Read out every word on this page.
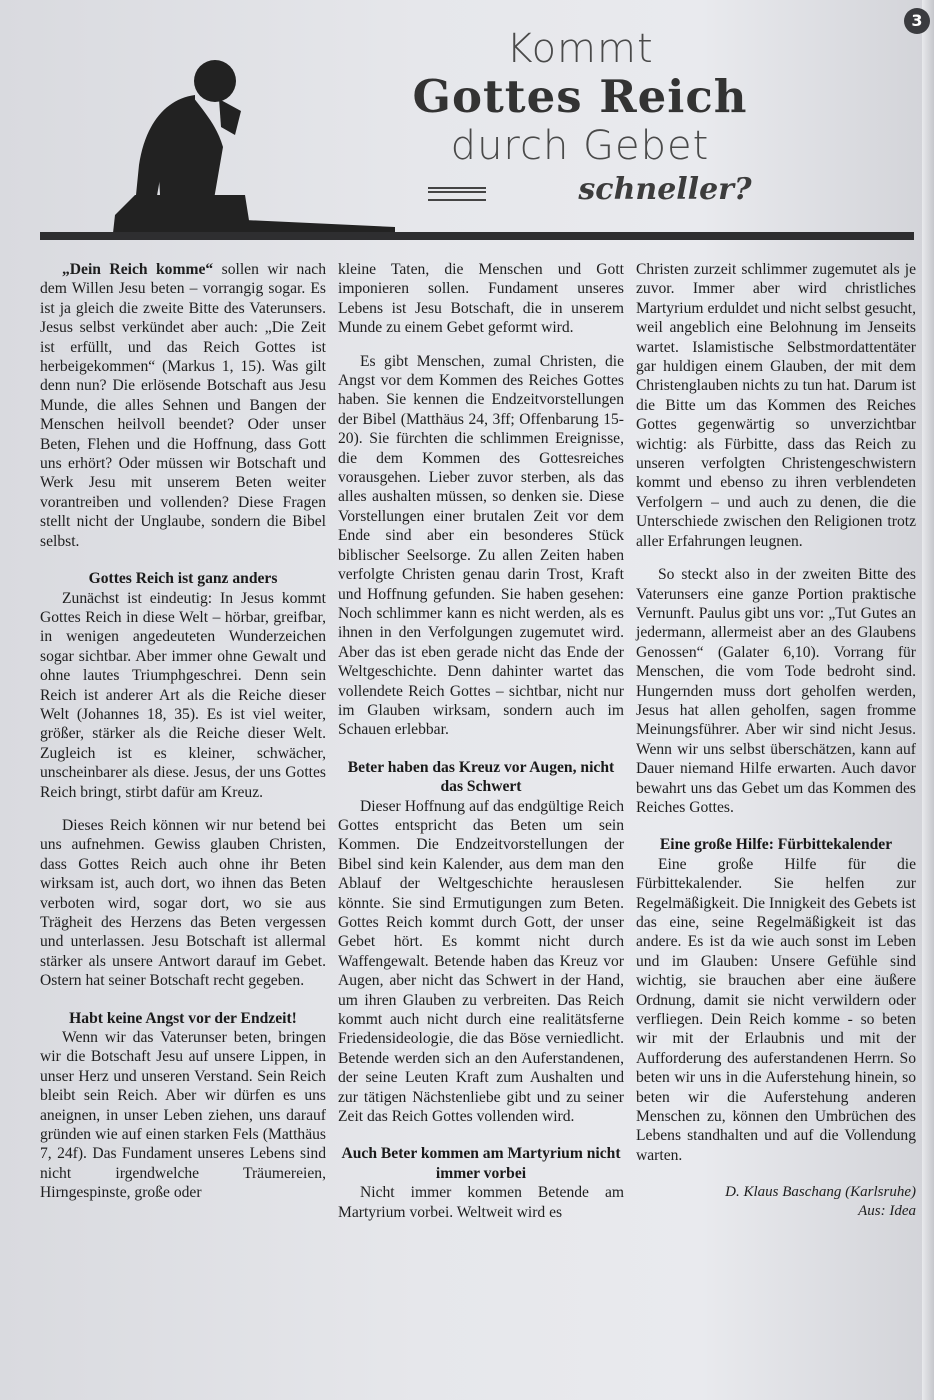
3
Kommt
Gottes Reich
durch Gebet
schneller?

„Dein Reich komme“ sollen wir nach dem Willen Jesu beten – vorrangig sogar. Es ist ja gleich die zweite Bitte des Vaterunsers. Jesus selbst verkündet aber auch: „Die Zeit ist erfüllt, und das Reich Gottes ist herbeigekommen“ (Markus 1, 15). Was gilt denn nun? Die erlösende Botschaft aus Jesu Munde, die alles Sehnen und Bangen der Menschen heilvoll beendet? Oder unser Beten, Flehen und die Hoffnung, dass Gott uns erhört? Oder müssen wir Botschaft und Werk Jesu mit unserem Beten weiter vorantreiben und vollenden? Diese Fragen stellt nicht der Unglaube, sondern die Bibel selbst.

Gottes Reich ist ganz anders

Zunächst ist eindeutig: In Jesus kommt Gottes Reich in diese Welt – hörbar, greifbar, in wenigen angedeuteten Wunderzeichen sogar sichtbar. Aber immer ohne Gewalt und ohne lautes Triumphgeschrei. Denn sein Reich ist anderer Art als die Reiche dieser Welt (Johannes 18, 35). Es ist viel weiter, größer, stärker als die Reiche dieser Welt. Zugleich ist es kleiner, schwächer, unscheinbarer als diese. Jesus, der uns Gottes Reich bringt, stirbt dafür am Kreuz.

Dieses Reich können wir nur betend bei uns aufnehmen. Gewiss glauben Christen, dass Gottes Reich auch ohne ihr Beten wirksam ist, auch dort, wo ihnen das Beten verboten wird, sogar dort, wo sie aus Trägheit des Herzens das Beten vergessen und unterlassen. Jesu Botschaft ist allermal stärker als unsere Antwort darauf im Gebet. Ostern hat seiner Botschaft recht gegeben.

Habt keine Angst vor der Endzeit!

Wenn wir das Vaterunser beten, bringen wir die Botschaft Jesu auf unsere Lippen, in unser Herz und unseren Verstand. Sein Reich bleibt sein Reich. Aber wir dürfen es uns aneignen, in unser Leben ziehen, uns darauf gründen wie auf einen starken Fels (Matthäus 7, 24f). Das Fundament unseres Lebens sind nicht irgendwelche Träumereien, Hirngespinste, große oder

kleine Taten, die Menschen und Gott imponieren sollen. Fundament unseres Lebens ist Jesu Botschaft, die in unserem Munde zu einem Gebet geformt wird.

Es gibt Menschen, zumal Christen, die Angst vor dem Kommen des Reiches Gottes haben. Sie kennen die Endzeitvorstellungen der Bibel (Matthäus 24, 3ff; Offenbarung 15-20). Sie fürchten die schlimmen Ereignisse, die dem Kommen des Gottesreiches vorausgehen. Lieber zuvor sterben, als das alles aushalten müssen, so denken sie. Diese Vorstellungen einer brutalen Zeit vor dem Ende sind aber ein besonderes Stück biblischer Seelsorge. Zu allen Zeiten haben verfolgte Christen genau darin Trost, Kraft und Hoffnung gefunden. Sie haben gesehen: Noch schlimmer kann es nicht werden, als es ihnen in den Verfolgungen zugemutet wird. Aber das ist eben gerade nicht das Ende der Weltgeschichte. Denn dahinter wartet das vollendete Reich Gottes – sichtbar, nicht nur im Glauben wirksam, sondern auch im Schauen erlebbar.

Beter haben das Kreuz vor Augen, nicht das Schwert

Dieser Hoffnung auf das endgültige Reich Gottes entspricht das Beten um sein Kommen. Die Endzeitvorstellungen der Bibel sind kein Kalender, aus dem man den Ablauf der Weltgeschichte herauslesen könnte. Sie sind Ermutigungen zum Beten. Gottes Reich kommt durch Gott, der unser Gebet hört. Es kommt nicht durch Waffengewalt. Betende haben das Kreuz vor Augen, aber nicht das Schwert in der Hand, um ihren Glauben zu verbreiten. Das Reich kommt auch nicht durch eine realitätsferne Friedensideologie, die das Böse verniedlicht. Betende werden sich an den Auferstandenen, der seine Leuten Kraft zum Aushalten und zur tätigen Nächstenliebe gibt und zu seiner Zeit das Reich Gottes vollenden wird.

Auch Beter kommen am Martyrium nicht immer vorbei

Nicht immer kommen Betende am Martyrium vorbei. Weltweit wird es

Christen zurzeit schlimmer zugemutet als je zuvor. Immer aber wird christliches Martyrium erduldet und nicht selbst gesucht, weil angeblich eine Belohnung im Jenseits wartet. Islamistische Selbstmordattentäter gar huldigen einem Glauben, der mit dem Christenglauben nichts zu tun hat. Darum ist die Bitte um das Kommen des Reiches Gottes gegenwärtig so unverzichtbar wichtig: als Fürbitte, dass das Reich zu unseren verfolgten Christengeschwistern kommt und ebenso zu ihren verblendeten Verfolgern – und auch zu denen, die die Unterschiede zwischen den Religionen trotz aller Erfahrungen leugnen.

So steckt also in der zweiten Bitte des Vaterunsers eine ganze Portion praktische Vernunft. Paulus gibt uns vor: „Tut Gutes an jedermann, allermeist aber an des Glaubens Genossen“ (Galater 6,10). Vorrang für Menschen, die vom Tode bedroht sind. Hungernden muss dort geholfen werden, Jesus hat allen geholfen, sagen fromme Meinungsführer. Aber wir sind nicht Jesus. Wenn wir uns selbst überschätzen, kann auf Dauer niemand Hilfe erwarten. Auch davor bewahrt uns das Gebet um das Kommen des Reiches Gottes.

Eine große Hilfe: Fürbittekalender

Eine große Hilfe für die Fürbittekalender. Sie helfen zur Regelmäßigkeit. Die Innigkeit des Gebets ist das eine, seine Regelmäßigkeit ist das andere. Es ist da wie auch sonst im Leben und im Glauben: Unsere Gefühle sind wichtig, sie brauchen aber eine äußere Ordnung, damit sie nicht verwildern oder verfliegen. Dein Reich komme - so beten wir mit der Erlaubnis und mit der Aufforderung des auferstandenen Herrn. So beten wir uns in die Auferstehung hinein, so beten wir die Auferstehung anderen Menschen zu, können den Umbrüchen des Lebens standhalten und auf die Vollendung warten.

D. Klaus Baschang (Karlsruhe)
Aus: Idea
